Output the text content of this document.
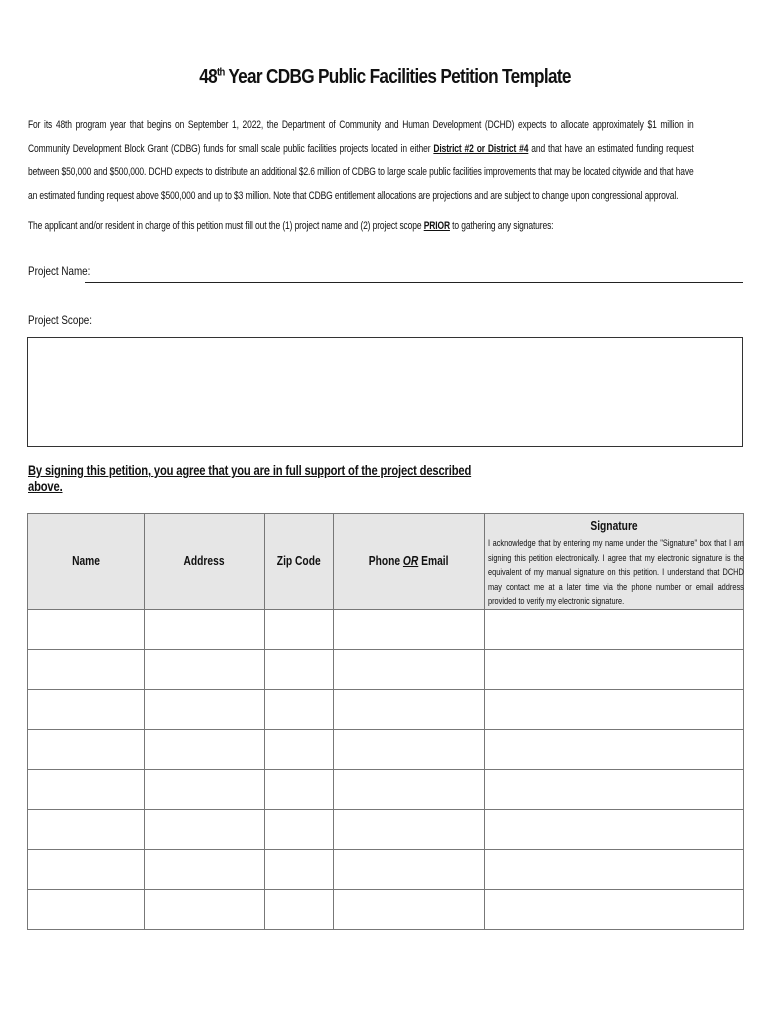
48th Year CDBG Public Facilities Petition Template
For its 48th program year that begins on September 1, 2022, the Department of Community and Human Development (DCHD) expects to allocate approximately $1 million in Community Development Block Grant (CDBG) funds for small scale public facilities projects located in either District #2 or District #4 and that have an estimated funding request between $50,000 and $500,000. DCHD expects to distribute an additional $2.6 million of CDBG to large scale public facilities improvements that may be located citywide and that have an estimated funding request above $500,000 and up to $3 million. Note that CDBG entitlement allocations are projections and are subject to change upon congressional approval.
The applicant and/or resident in charge of this petition must fill out the (1) project name and (2) project scope PRIOR to gathering any signatures:
Project Name:
Project Scope:
By signing this petition, you agree that you are in full support of the project described above.
Name	Address	Zip Code	Phone OR Email	Signature
I acknowledge that by entering my name under the "Signature" box that I am signing this petition electronically. I agree that my electronic signature is the equivalent of my manual signature on this petition. I understand that DCHD may contact me at a later time via the phone number or email address provided to verify my electronic signature.
